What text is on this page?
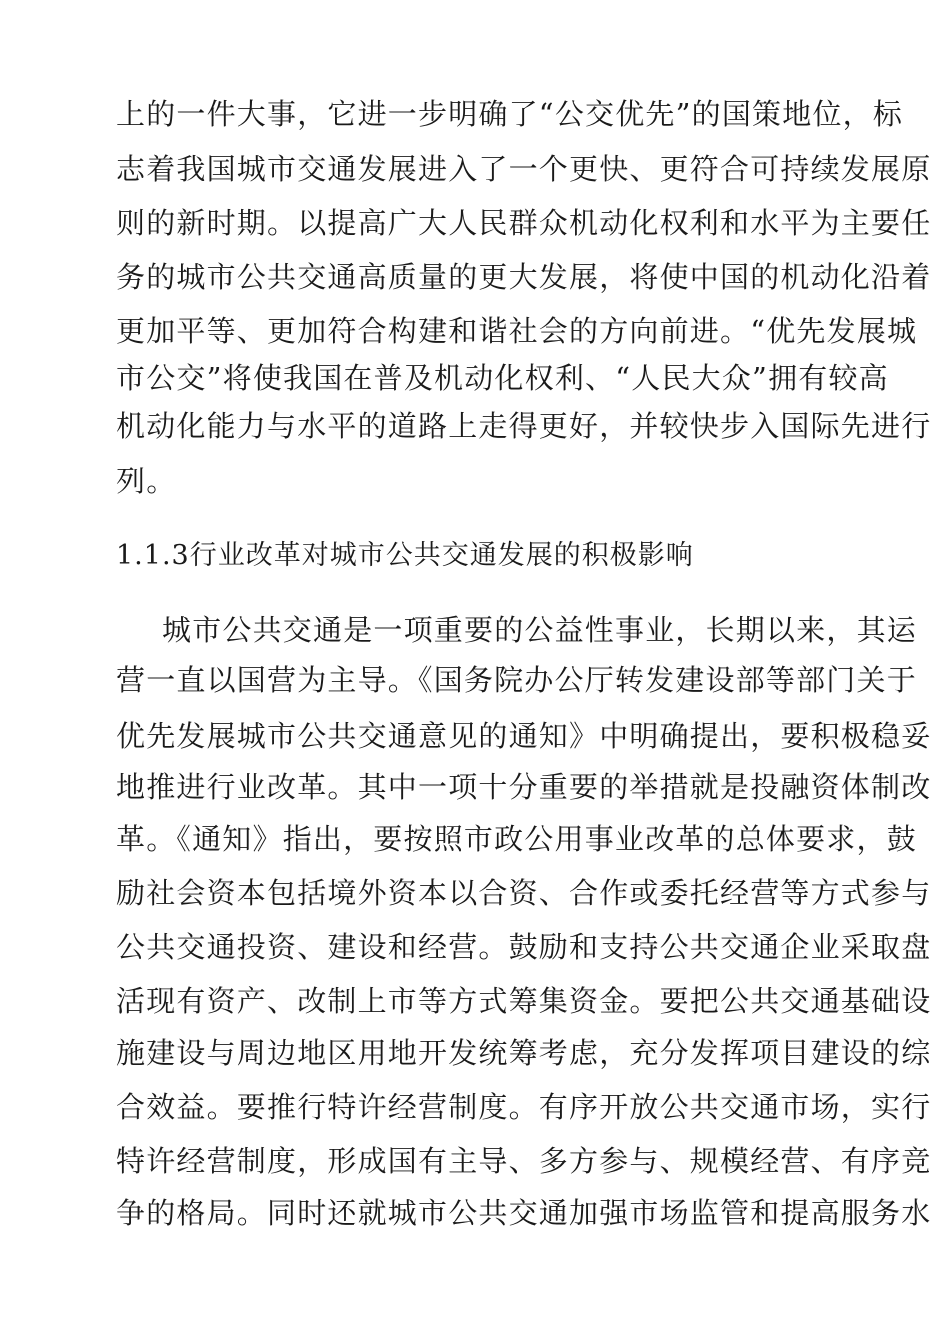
上的一件大事，它进一步明确了“公交优先”的国策地位，标
志着我国城市交通发展进入了一个更快、更符合可持续发展原
则的新时期。以提高广大人民群众机动化权利和水平为主要任
务的城市公共交通高质量的更大发展，将使中国的机动化沿着
更加平等、更加符合构建和谐社会的方向前进。“优先发展城
市公交”将使我国在普及机动化权利、“人民大众”拥有较高
机动化能力与水平的道路上走得更好，并较快步入国际先进行
列。
1.1.3行业改革对城市公共交通发展的积极影响
城市公共交通是一项重要的公益性事业，长期以来，其运
营一直以国营为主导。《国务院办公厅转发建设部等部门关于
优先发展城市公共交通意见的通知》中明确提出，要积极稳妥
地推进行业改革。其中一项十分重要的举措就是投融资体制改
革。《通知》指出，要按照市政公用事业改革的总体要求，鼓
励社会资本包括境外资本以合资、合作或委托经营等方式参与
公共交通投资、建设和经营。鼓励和支持公共交通企业采取盘
活现有资产、改制上市等方式筹集资金。要把公共交通基础设
施建设与周边地区用地开发统筹考虑，充分发挥项目建设的综
合效益。要推行特许经营制度。有序开放公共交通市场，实行
特许经营制度，形成国有主导、多方参与、规模经营、有序竞
争的格局。同时还就城市公共交通加强市场监管和提高服务水
